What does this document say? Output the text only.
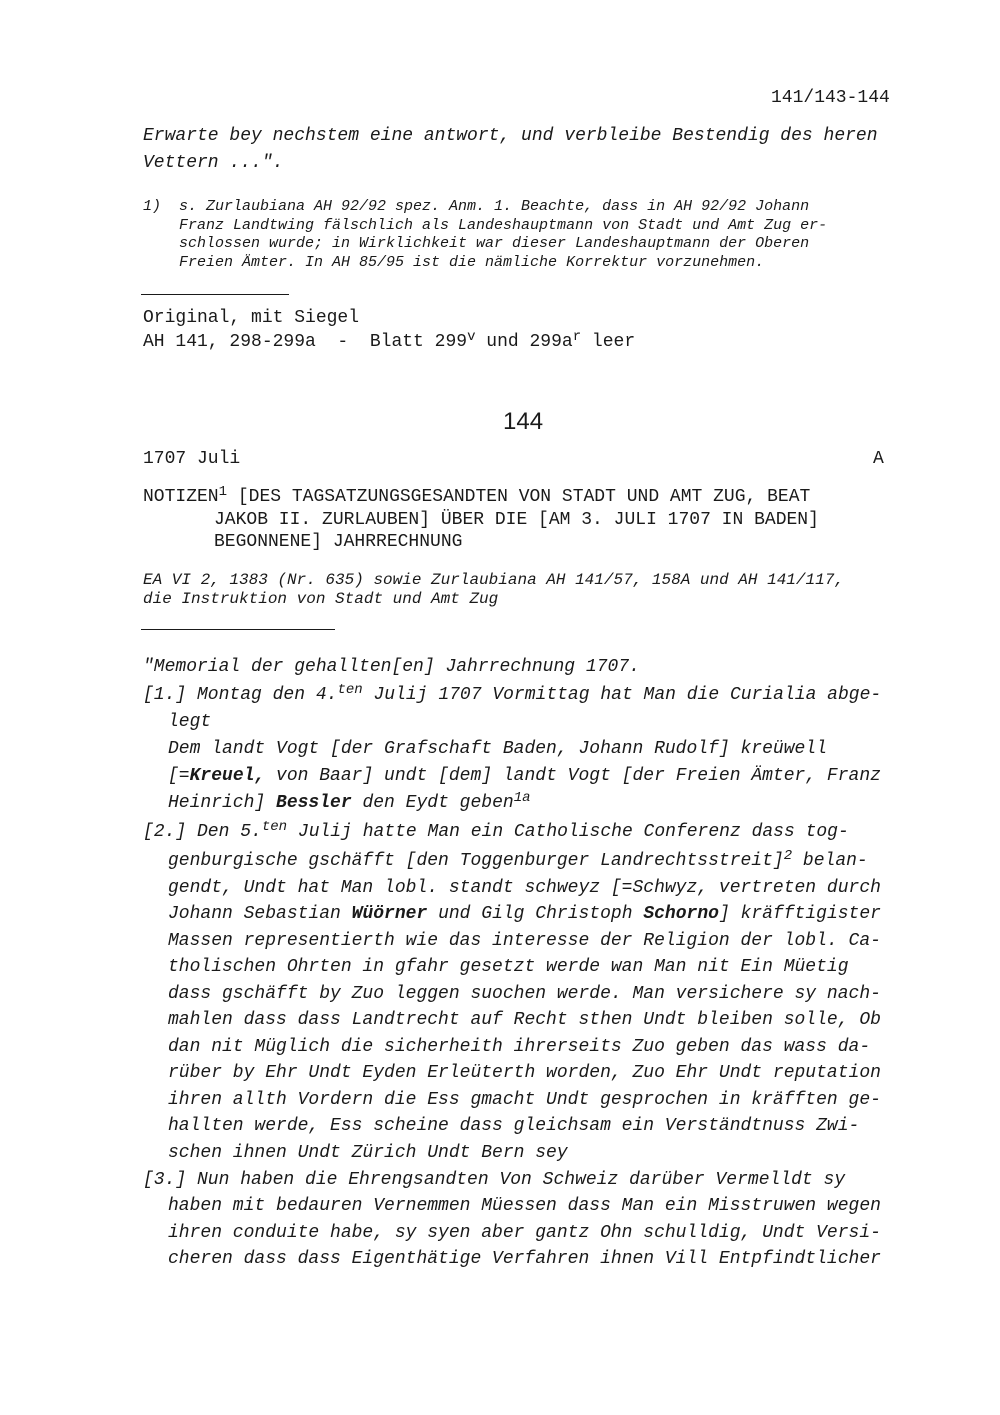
141/143-144
Erwarte bey nechstem eine antwort, und verbleibe Bestendig des heren
Vettern ...".
1) s. Zurlaubiana AH 92/92 spez. Anm. 1. Beachte, dass in AH 92/92 Johann
Franz Landtwing fälschlich als Landeshauptmann von Stadt und Amt Zug er-
schlossen wurde; in Wirklichkeit war dieser Landeshauptmann der Oberen
Freien Ämter. In AH 85/95 ist die nämliche Korrektur vorzunehmen.
Original, mit Siegel
AH 141, 298-299a  -  Blatt 299$^v$ und $299a^r$ leer
144
1707 Juli	A
NOTIZEN$^1$ [DES TAGSATZUNGSGESANDTEN VON STADT UND AMT ZUG, BEAT
JAKOB II. ZURLAUBEN] ÜBER DIE [AM 3. JULI 1707 IN BADEN]
BEGONNENE] JAHRRECHNUNG
EA VI 2, 1383 (Nr. 635) sowie Zurlaubiana AH 141/57, 158A und AH 141/117,
die Instruktion von Stadt und Amt Zug
"Memorial der gehallten[en] Jahrrechnung 1707.
[1.] Montag den 4.$^{ten}$ Julij 1707 Vormittag hat Man die Curialia abge-
legt
Dem landt Vogt [der Grafschaft Baden, Johann Rudolf] kreüwell
[=Kreuel, von Baar] undt [dem] landt Vogt [der Freien Ämter, Franz
Heinrich] Bessler den Eydt geben$^{1a}$
[2.] Den 5.$^{ten}$ Julij hatte Man ein Catholische Conferenz dass tog-
genburgische gschäfft [den Toggenburger Landrechtsstreit]$^2$ belan-
gendt, Undt hat Man lobl. standt schweyz [=Schwyz, vertreten durch
Johann Sebastian Wüörner und Gilg Christoph Schorno] kräfftigister
Massen representierth wie das interesse der Religion der lobl. Ca-
tholischen Ohrten in gfahr gesetzt werde wan Man nit Ein Müetig
dass gschäfft by Zuo leggen suochen werde. Man versichere sy nach-
mahlen dass dass Landtrecht auf Recht sthen Undt bleiben solle, Ob
dan nit Müglich die sicherheith ihrerseits Zuo geben das wass da-
rüber by Ehr Undt Eyden Erleüterth worden, Zuo Ehr Undt reputation
ihren allth Vordern die Ess gmacht Undt gesprochen in kräfften ge-
hallten werde, Ess scheine dass gleichsam ein Verständtnuss Zwi-
schen ihnen Undt Zürich Undt Bern sey
[3.] Nun haben die Ehrengsandten Von Schweiz darüber Vermelldt sy
haben mit bedauren Vernemmen Müessen dass Man ein Misstruwen wegen
ihren conduite habe, sy syen aber gantz Ohn schulldig, Undt Versi-
cheren dass dass Eigenthätige Verfahren ihnen Vill Entpfindtlicher
